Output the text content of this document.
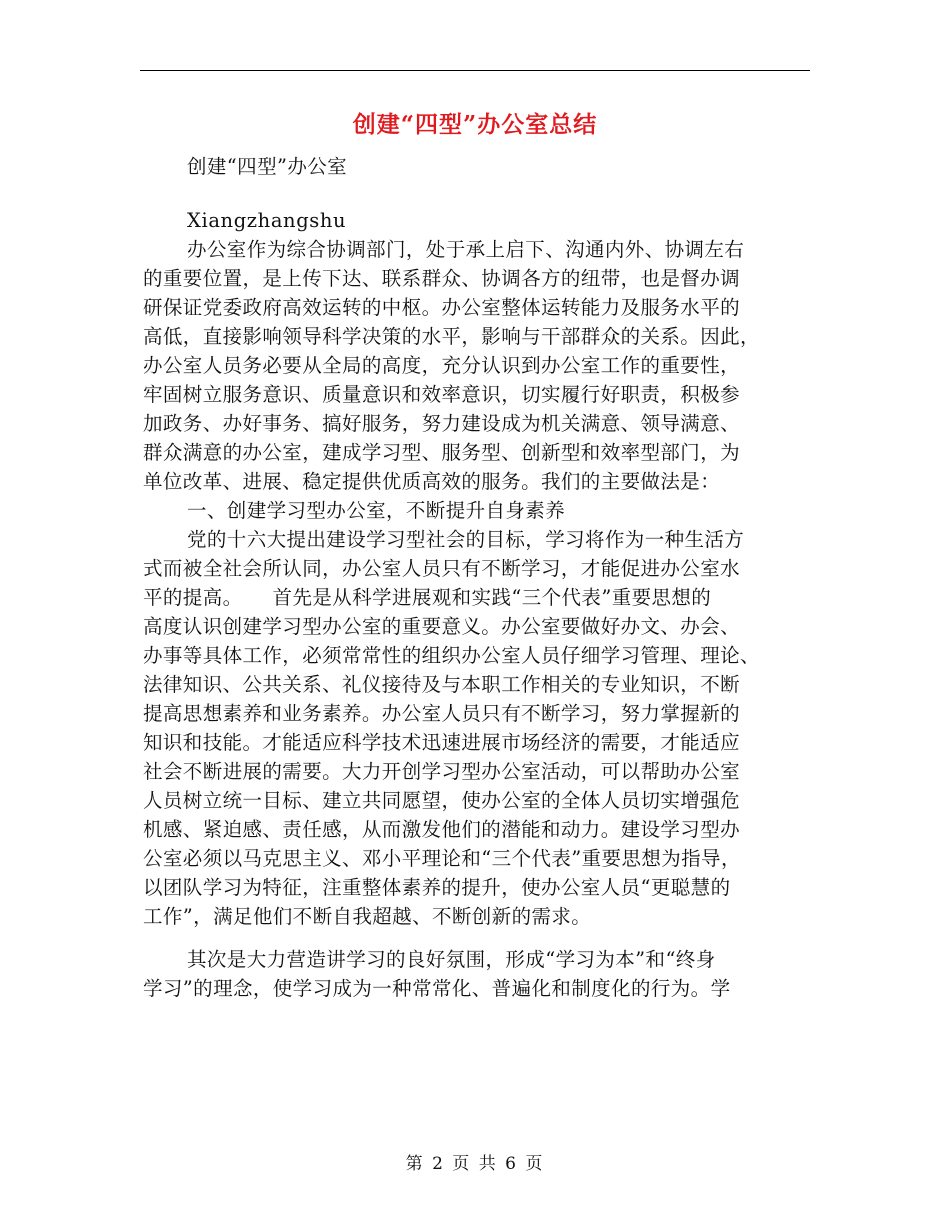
创建“四型”办公室总结
创建“四型”办公室
Xiangzhangshu
办公室作为综合协调部门，处于承上启下、沟通内外、协调左右
的重要位置，是上传下达、联系群众、协调各方的纽带，也是督办调
研保证党委政府高效运转的中枢。办公室整体运转能力及服务水平的
高低，直接影响领导科学决策的水平，影响与干部群众的关系。因此，
办公室人员务必要从全局的高度，充分认识到办公室工作的重要性，
牢固树立服务意识、质量意识和效率意识，切实履行好职责，积极参
加政务、办好事务、搞好服务，努力建设成为机关满意、领导满意、
群众满意的办公室，建成学习型、服务型、创新型和效率型部门，为
单位改革、进展、稳定提供优质高效的服务。我们的主要做法是：
一、创建学习型办公室，不断提升自身素养
党的十六大提出建设学习型社会的目标，学习将作为一种生活方
式而被全社会所认同，办公室人员只有不断学习，才能促进办公室水
平的提高。　　首先是从科学进展观和实践“三个代表”重要思想的
高度认识创建学习型办公室的重要意义。办公室要做好办文、办会、
办事等具体工作，必须常常性的组织办公室人员仔细学习管理、理论、
法律知识、公共关系、礼仪接待及与本职工作相关的专业知识，不断
提高思想素养和业务素养。办公室人员只有不断学习，努力掌握新的
知识和技能。才能适应科学技术迅速进展市场经济的需要，才能适应
社会不断进展的需要。大力开创学习型办公室活动，可以帮助办公室
人员树立统一目标、建立共同愿望，使办公室的全体人员切实增强危
机感、紧迫感、责任感，从而激发他们的潜能和动力。建设学习型办
公室必须以马克思主义、邓小平理论和“三个代表”重要思想为指导，
以团队学习为特征，注重整体素养的提升，使办公室人员“更聪慧的
工作”，满足他们不断自我超越、不断创新的需求。
其次是大力营造讲学习的良好氛围，形成“学习为本”和“终身
学习”的理念，使学习成为一种常常化、普遍化和制度化的行为。学
第 2 页 共 6 页
